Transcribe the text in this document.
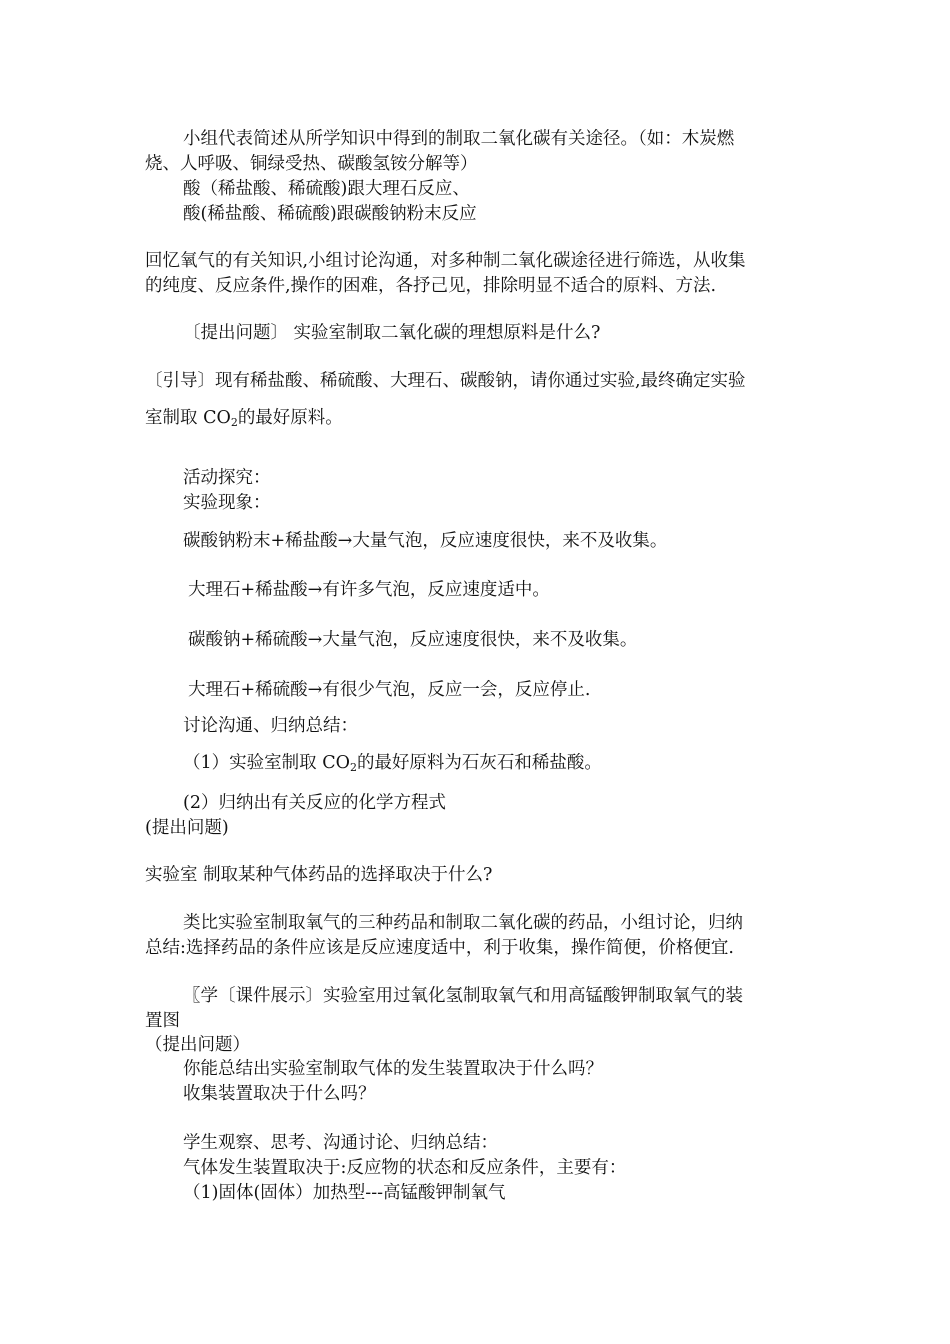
小组代表简述从所学知识中得到的制取二氧化碳有关途径。（如：木炭燃

烧、人呼吸、铜绿受热、碳酸氢铵分解等）

酸（稀盐酸、稀硫酸)跟大理石反应、

酸(稀盐酸、稀硫酸)跟碳酸钠粉末反应

回忆氧气的有关知识,小组讨论沟通，对多种制二氧化碳途径进行筛选，从收集

的纯度、反应条件,操作的困难，各抒己见，排除明显不适合的原料、方法.

〔提出问题〕 实验室制取二氧化碳的理想原料是什么?

〔引导〕现有稀盐酸、稀硫酸、大理石、碳酸钠，请你通过实验,最终确定实验

室制取 $CO_2$的最好原料。

活动探究：

实验现象：

碳酸钠粉末+稀盐酸→大量气泡，反应速度很快，来不及收集。

大理石+稀盐酸→有许多气泡，反应速度适中。

碳酸钠+稀硫酸→大量气泡，反应速度很快，来不及收集。

大理石+稀硫酸→有很少气泡，反应一会，反应停止.

讨论沟通、归纳总结：

（1）实验室制取 $CO_2$的最好原料为石灰石和稀盐酸。

(2）归纳出有关反应的化学方程式

(提出问题)

实验室 制取某种气体药品的选择取决于什么?

类比实验室制取氧气的三种药品和制取二氧化碳的药品，小组讨论，归纳

总结:选择药品的条件应该是反应速度适中，利于收集，操作简便，价格便宜.

〖学〔课件展示〕实验室用过氧化氢制取氧气和用高锰酸钾制取氧气的装

置图

（提出问题）

你能总结出实验室制取气体的发生装置取决于什么吗？

收集装置取决于什么吗？

学生观察、思考、沟通讨论、归纳总结：

气体发生装置取决于:反应物的状态和反应条件，主要有：

（1)固体(固体）加热型---高锰酸钾制氧气
